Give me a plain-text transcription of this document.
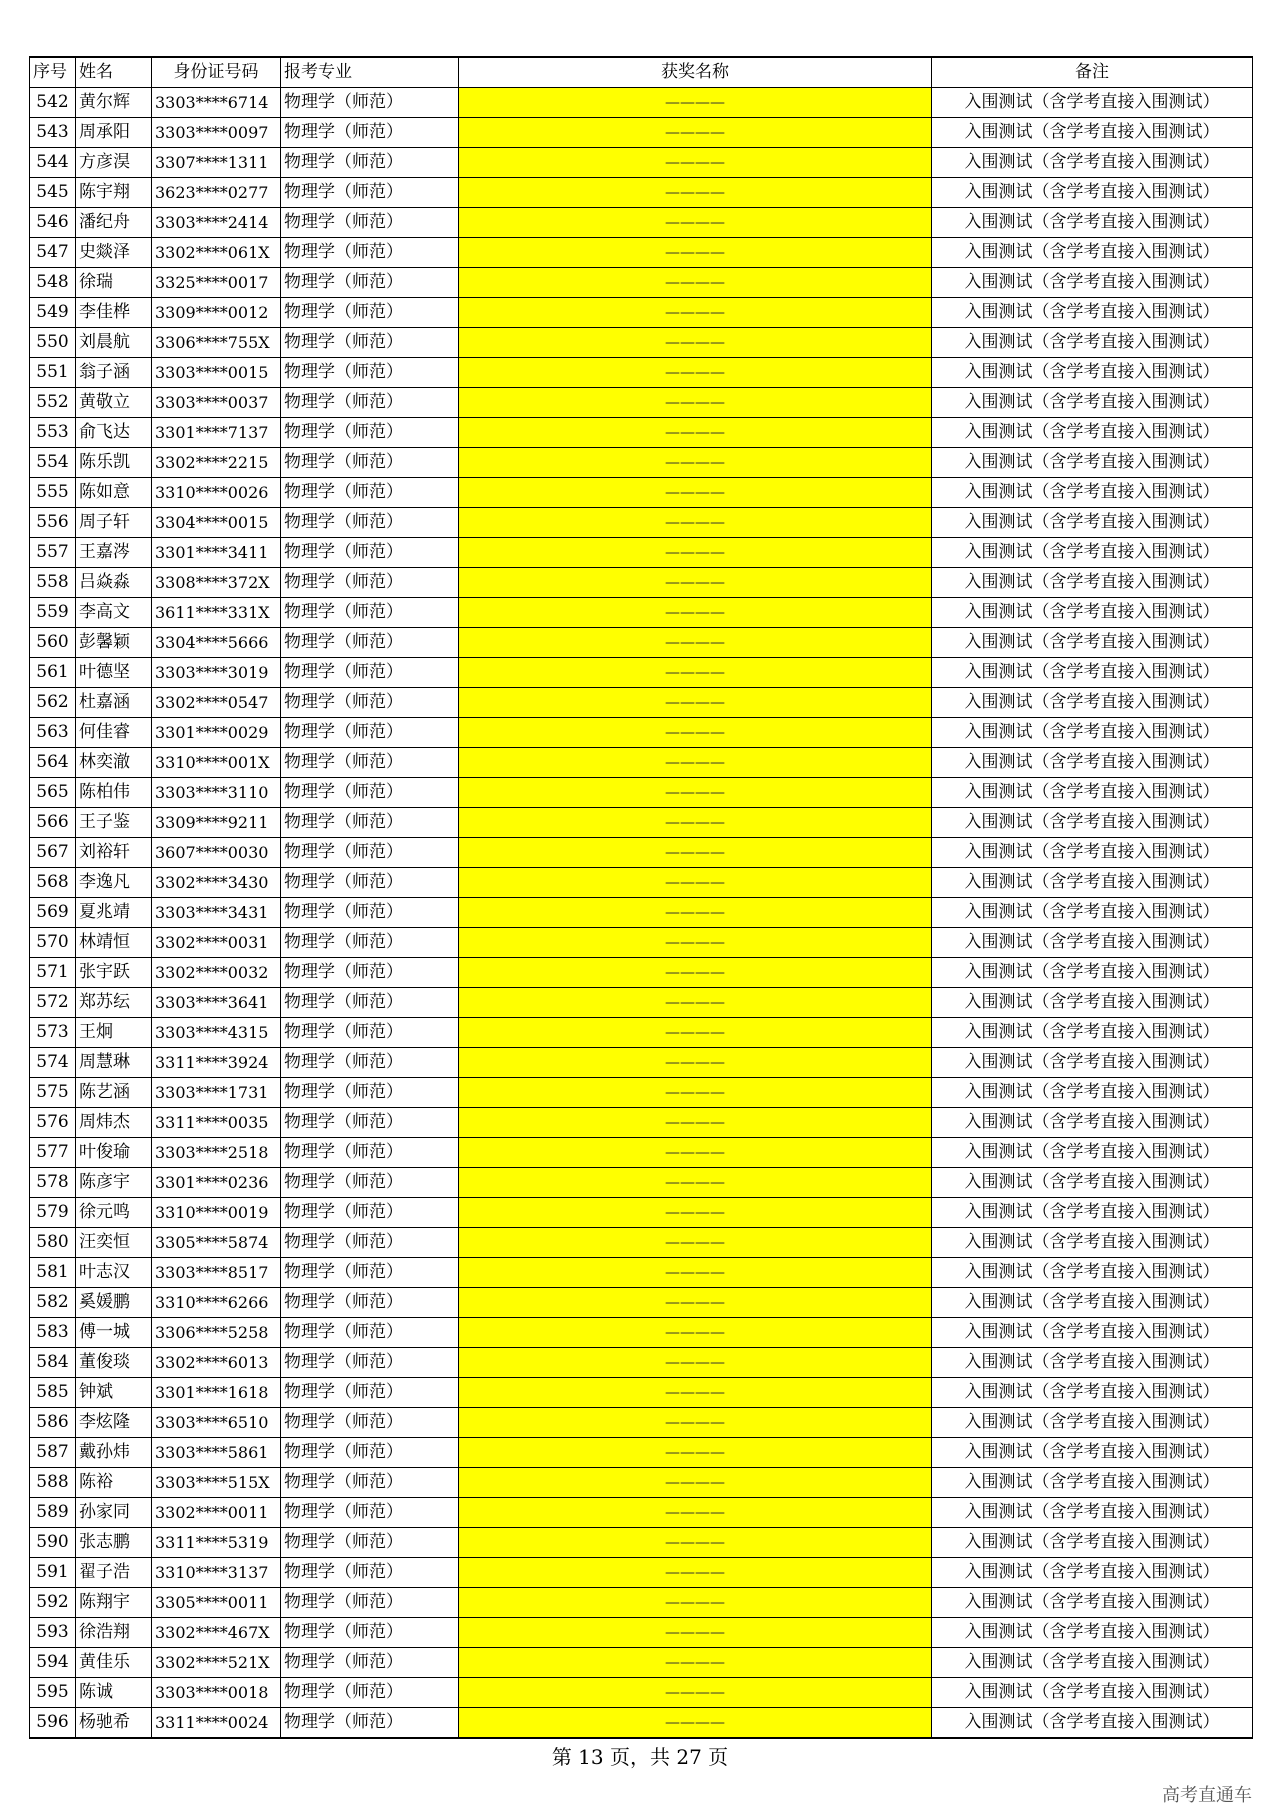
序号	姓名	身份证号码	报考专业	获奖名称	备注
542	黄尔辉	3303****6714	物理学（师范）	————	入围测试（含学考直接入围测试）
543	周承阳	3303****0097	物理学（师范）	————	入围测试（含学考直接入围测试）
544	方彦淏	3307****1311	物理学（师范）	————	入围测试（含学考直接入围测试）
545	陈宇翔	3623****0277	物理学（师范）	————	入围测试（含学考直接入围测试）
546	潘纪舟	3303****2414	物理学（师范）	————	入围测试（含学考直接入围测试）
547	史燚泽	3302****061X	物理学（师范）	————	入围测试（含学考直接入围测试）
548	徐瑞	3325****0017	物理学（师范）	————	入围测试（含学考直接入围测试）
549	李佳桦	3309****0012	物理学（师范）	————	入围测试（含学考直接入围测试）
550	刘晨航	3306****755X	物理学（师范）	————	入围测试（含学考直接入围测试）
551	翁子涵	3303****0015	物理学（师范）	————	入围测试（含学考直接入围测试）
552	黄敬立	3303****0037	物理学（师范）	————	入围测试（含学考直接入围测试）
553	俞飞达	3301****7137	物理学（师范）	————	入围测试（含学考直接入围测试）
554	陈乐凯	3302****2215	物理学（师范）	————	入围测试（含学考直接入围测试）
555	陈如意	3310****0026	物理学（师范）	————	入围测试（含学考直接入围测试）
556	周子轩	3304****0015	物理学（师范）	————	入围测试（含学考直接入围测试）
557	王嘉涔	3301****3411	物理学（师范）	————	入围测试（含学考直接入围测试）
558	吕焱淼	3308****372X	物理学（师范）	————	入围测试（含学考直接入围测试）
559	李高文	3611****331X	物理学（师范）	————	入围测试（含学考直接入围测试）
560	彭馨颖	3304****5666	物理学（师范）	————	入围测试（含学考直接入围测试）
561	叶德坚	3303****3019	物理学（师范）	————	入围测试（含学考直接入围测试）
562	杜嘉涵	3302****0547	物理学（师范）	————	入围测试（含学考直接入围测试）
563	何佳睿	3301****0029	物理学（师范）	————	入围测试（含学考直接入围测试）
564	林奕澈	3310****001X	物理学（师范）	————	入围测试（含学考直接入围测试）
565	陈柏伟	3303****3110	物理学（师范）	————	入围测试（含学考直接入围测试）
566	王子鉴	3309****9211	物理学（师范）	————	入围测试（含学考直接入围测试）
567	刘裕轩	3607****0030	物理学（师范）	————	入围测试（含学考直接入围测试）
568	李逸凡	3302****3430	物理学（师范）	————	入围测试（含学考直接入围测试）
569	夏兆靖	3303****3431	物理学（师范）	————	入围测试（含学考直接入围测试）
570	林靖恒	3302****0031	物理学（师范）	————	入围测试（含学考直接入围测试）
571	张宇跃	3302****0032	物理学（师范）	————	入围测试（含学考直接入围测试）
572	郑苏纭	3303****3641	物理学（师范）	————	入围测试（含学考直接入围测试）
573	王炯	3303****4315	物理学（师范）	————	入围测试（含学考直接入围测试）
574	周慧琳	3311****3924	物理学（师范）	————	入围测试（含学考直接入围测试）
575	陈艺涵	3303****1731	物理学（师范）	————	入围测试（含学考直接入围测试）
576	周炜杰	3311****0035	物理学（师范）	————	入围测试（含学考直接入围测试）
577	叶俊瑜	3303****2518	物理学（师范）	————	入围测试（含学考直接入围测试）
578	陈彦宇	3301****0236	物理学（师范）	————	入围测试（含学考直接入围测试）
579	徐元鸣	3310****0019	物理学（师范）	————	入围测试（含学考直接入围测试）
580	汪奕恒	3305****5874	物理学（师范）	————	入围测试（含学考直接入围测试）
581	叶志汉	3303****8517	物理学（师范）	————	入围测试（含学考直接入围测试）
582	奚媛鹏	3310****6266	物理学（师范）	————	入围测试（含学考直接入围测试）
583	傅一城	3306****5258	物理学（师范）	————	入围测试（含学考直接入围测试）
584	董俊琰	3302****6013	物理学（师范）	————	入围测试（含学考直接入围测试）
585	钟斌	3301****1618	物理学（师范）	————	入围测试（含学考直接入围测试）
586	李炫隆	3303****6510	物理学（师范）	————	入围测试（含学考直接入围测试）
587	戴孙炜	3303****5861	物理学（师范）	————	入围测试（含学考直接入围测试）
588	陈裕	3303****515X	物理学（师范）	————	入围测试（含学考直接入围测试）
589	孙家同	3302****0011	物理学（师范）	————	入围测试（含学考直接入围测试）
590	张志鹏	3311****5319	物理学（师范）	————	入围测试（含学考直接入围测试）
591	翟子浩	3310****3137	物理学（师范）	————	入围测试（含学考直接入围测试）
592	陈翔宇	3305****0011	物理学（师范）	————	入围测试（含学考直接入围测试）
593	徐浩翔	3302****467X	物理学（师范）	————	入围测试（含学考直接入围测试）
594	黄佳乐	3302****521X	物理学（师范）	————	入围测试（含学考直接入围测试）
595	陈诚	3303****0018	物理学（师范）	————	入围测试（含学考直接入围测试）
596	杨驰希	3311****0024	物理学（师范）	————	入围测试（含学考直接入围测试）
第 13 页，共 27 页
高考直通车
